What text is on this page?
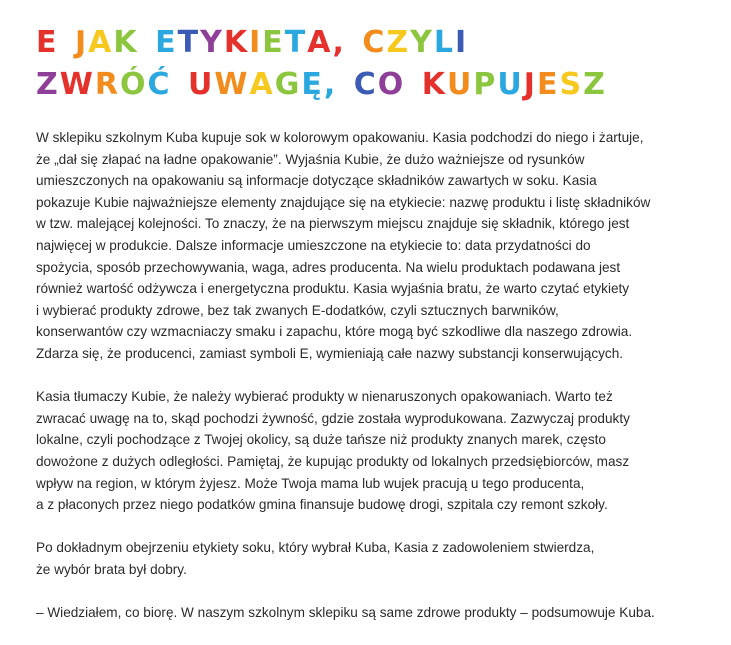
E JAK ETYKIETA, CZYLI
ZWRÓĆ UWAGĘ, CO KUPUJESZ

W sklepiku szkolnym Kuba kupuje sok w kolorowym opakowaniu. Kasia podchodzi do niego i żartuje,
że „dał się złapać na ładne opakowanie”. Wyjaśnia Kubie, że dużo ważniejsze od rysunków
umieszczonych na opakowaniu są informacje dotyczące składników zawartych w soku. Kasia
pokazuje Kubie najważniejsze elementy znajdujące się na etykiecie: nazwę produktu i listę składników
w tzw. malejącej kolejności. To znaczy, że na pierwszym miejscu znajduje się składnik, którego jest
najwięcej w produkcie. Dalsze informacje umieszczone na etykiecie to: data przydatności do
spożycia, sposób przechowywania, waga, adres producenta. Na wielu produktach podawana jest
również wartość odżywcza i energetyczna produktu. Kasia wyjaśnia bratu, że warto czytać etykiety
i wybierać produkty zdrowe, bez tak zwanych E-dodatków, czyli sztucznych barwników,
konserwantów czy wzmacniaczy smaku i zapachu, które mogą być szkodliwe dla naszego zdrowia.
Zdarza się, że producenci, zamiast symboli E, wymieniają całe nazwy substancji konserwujących.

Kasia tłumaczy Kubie, że należy wybierać produkty w nienaruszonych opakowaniach. Warto też
zwracać uwagę na to, skąd pochodzi żywność, gdzie została wyprodukowana. Zazwyczaj produkty
lokalne, czyli pochodzące z Twojej okolicy, są duże tańsze niż produkty znanych marek, często
dowożone z dużych odległości. Pamiętaj, że kupując produkty od lokalnych przedsiębiorców, masz
wpływ na region, w którym żyjesz. Może Twoja mama lub wujek pracują u tego producenta,
a z płaconych przez niego podatków gmina finansuje budowę drogi, szpitala czy remont szkoły.

Po dokładnym obejrzeniu etykiety soku, który wybrał Kuba, Kasia z zadowoleniem stwierdza,
że wybór brata był dobry.

– Wiedziałem, co biorę. W naszym szkolnym sklepiku są same zdrowe produkty – podsumowuje Kuba.
